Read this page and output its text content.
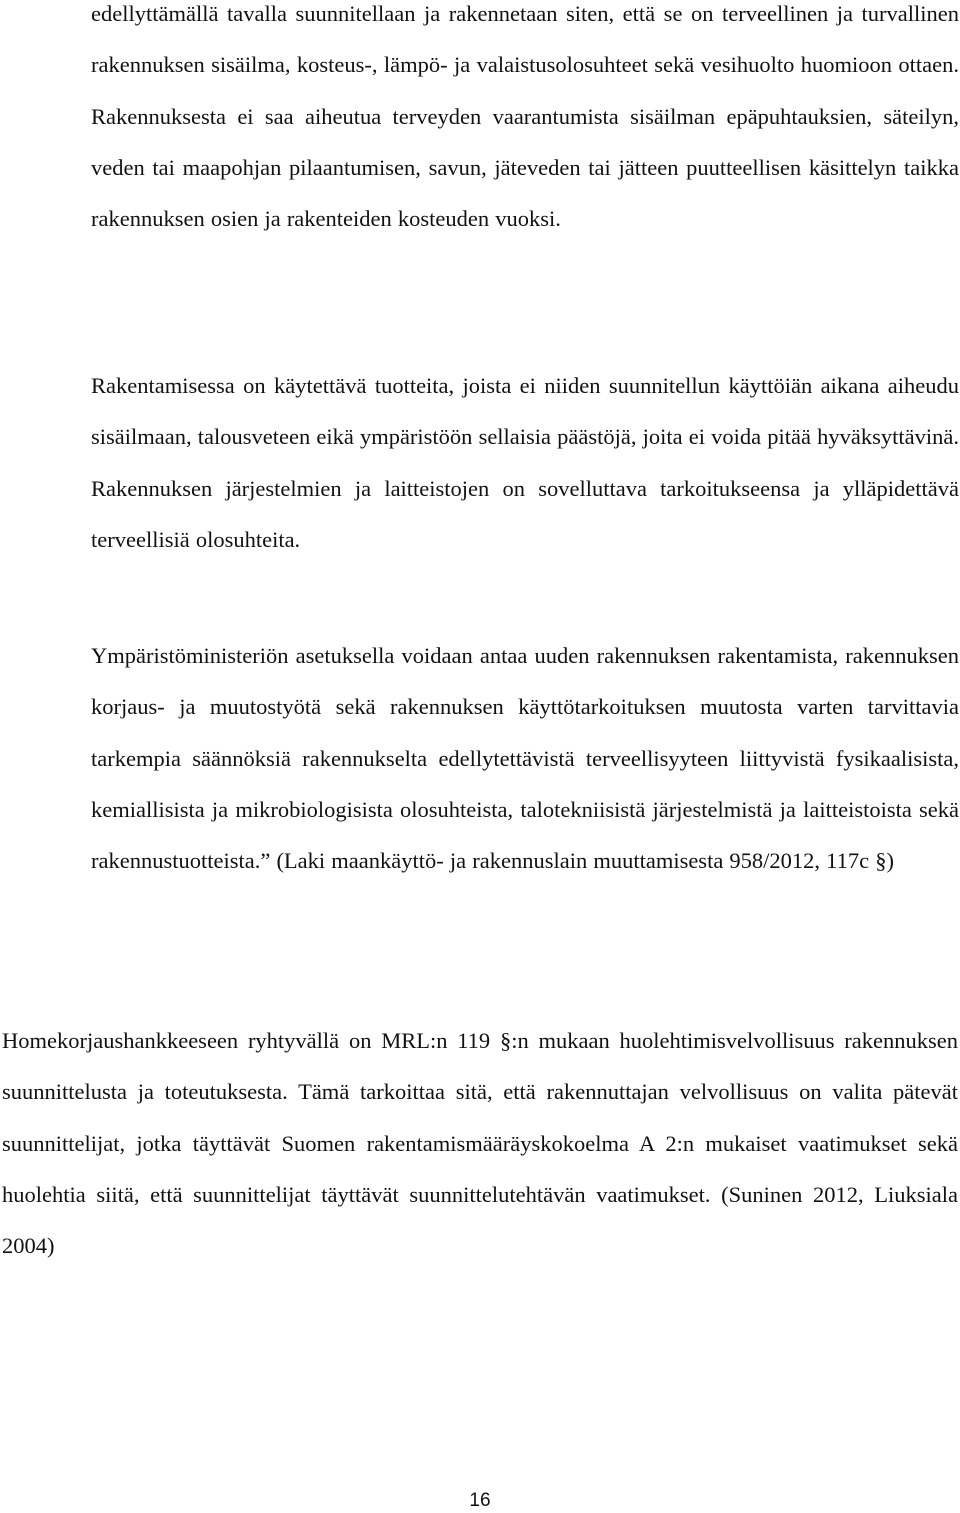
edellyttämällä tavalla suunnitellaan ja rakennetaan siten, että se on terveellinen ja turvallinen rakennuksen sisäilma, kosteus-, lämpö- ja valaistusolosuhteet sekä vesihuolto huomioon ottaen. Rakennuksesta ei saa aiheutua terveyden vaarantumista sisäilman epäpuhtauksien, säteilyn, veden tai maapohjan pilaantumisen, savun, jäteveden tai jätteen puutteellisen käsittelyn taikka rakennuksen osien ja rakenteiden kosteuden vuoksi.

Rakentamisessa on käytettävä tuotteita, joista ei niiden suunnitellun käyttöiän aikana aiheudu sisäilmaan, talousveteen eikä ympäristöön sellaisia päästöjä, joita ei voida pitää hyväksyttävinä. Rakennuksen järjestelmien ja laitteistojen on sovelluttava tarkoitukseensa ja ylläpidettävä terveellisiä olosuhteita.

Ympäristöministeriön asetuksella voidaan antaa uuden rakennuksen rakentamista, rakennuksen korjaus- ja muutostyötä sekä rakennuksen käyttötarkoituksen muutosta varten tarvittavia tarkempia säännöksiä rakennukselta edellytettävistä terveellisyyteen liittyvistä fysikaalisista, kemiallisista ja mikrobiologisista olosuhteista, talotekniisistä järjestelmistä ja laitteistoista sekä rakennustuotteista.” (Laki maankäyttö- ja rakennuslain muuttamisesta 958/2012, 117c §)

Homekorjaushankkeeseen ryhtyvällä on MRL:n 119 §:n mukaan huolehtimisvelvollisuus rakennuksen suunnittelusta ja toteutuksesta. Tämä tarkoittaa sitä, että rakennuttajan velvollisuus on valita pätevät suunnittelijat, jotka täyttävät Suomen rakentamismääräyskokoelma A 2:n mukaiset vaatimukset sekä huolehtia siitä, että suunnittelijat täyttävät suunnittelutehtävän vaatimukset. (Suninen 2012, Liuksiala 2004)

16
